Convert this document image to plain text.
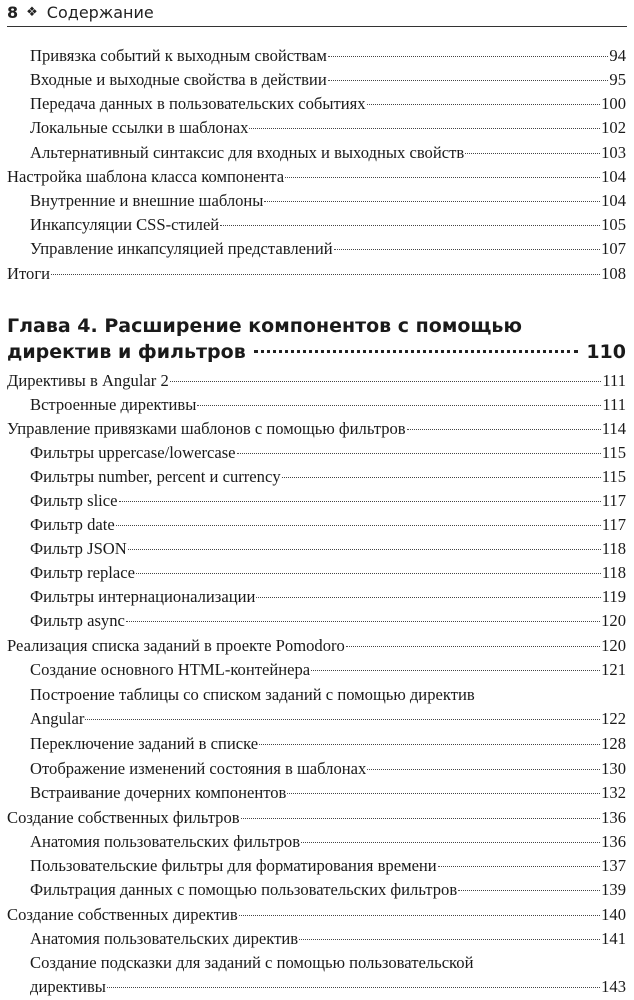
8 ❖ Содержание
Привязка событий к выходным свойствам	94
Входные и выходные свойства в действии	95
Передача данных в пользовательских событиях	100
Локальные ссылки в шаблонах	102
Альтернативный синтаксис для входных и выходных свойств	103
Настройка шаблона класса компонента	104
Внутренние и внешние шаблоны	104
Инкапсуляции CSS-стилей	105
Управление инкапсуляцией представлений	107
Итоги	108
Глава 4. Расширение компонентов с помощью
директив и фильтров	110
Директивы в Angular 2	111
Встроенные директивы	111
Управление привязками шаблонов с помощью фильтров	114
Фильтры uppercase/lowercase	115
Фильтры number, percent и currency	115
Фильтр slice	117
Фильтр date	117
Фильтр JSON	118
Фильтр replace	118
Фильтры интернационализации	119
Фильтр async	120
Реализация списка заданий в проекте Pomodoro	120
Создание основного HTML-контейнера	121
Построение таблицы со списком заданий с помощью директив
Angular	122
Переключение заданий в списке	128
Отображение изменений состояния в шаблонах	130
Встраивание дочерних компонентов	132
Создание собственных фильтров	136
Анатомия пользовательских фильтров	136
Пользовательские фильтры для форматирования времени	137
Фильтрация данных с помощью пользовательских фильтров	139
Создание собственных директив	140
Анатомия пользовательских директив	141
Создание подсказки для заданий с помощью пользовательской
директивы	143
